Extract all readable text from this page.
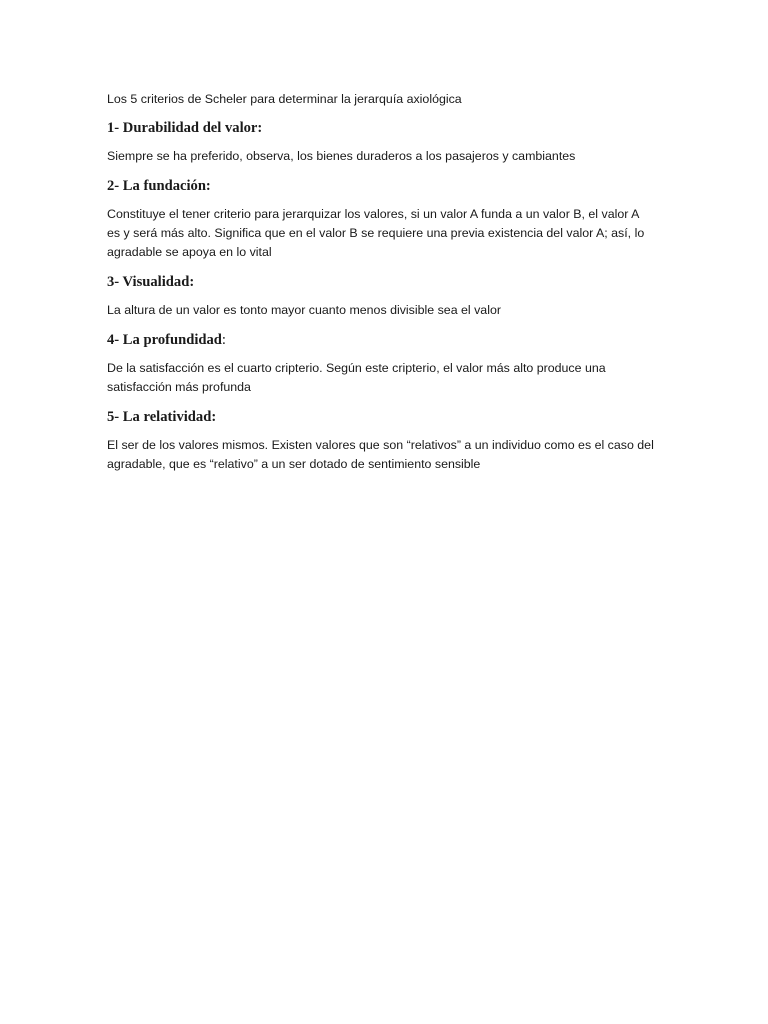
Los 5 criterios de Scheler para determinar la jerarquía axiológica

1- Durabilidad del valor:

Siempre se ha preferido, observa, los bienes duraderos a los pasajeros y cambiantes

2- La fundación:

Constituye el tener criterio para jerarquizar los valores, si un valor A funda a un valor B, el valor A
es y será más alto. Significa que en el valor B se requiere una previa existencia del valor A; así, lo
agradable se apoya en lo vital

3- Visualidad:

La altura de un valor es tonto mayor cuanto menos divisible sea el valor

4- La profundidad:

De la satisfacción es el cuarto cripterio. Según este cripterio, el valor más alto produce una
satisfacción más profunda

5- La relatividad:

El ser de los valores mismos. Existen valores que son “relativos” a un individuo como es el caso del
agradable, que es “relativo” a un ser dotado de sentimiento sensible
